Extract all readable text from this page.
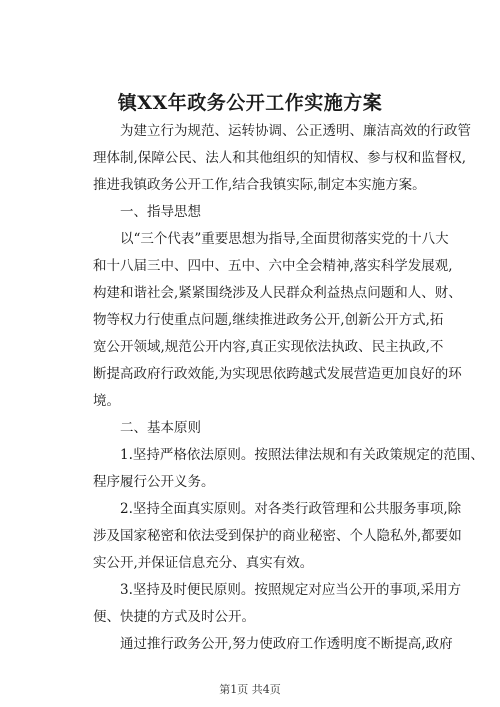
镇XX年政务公开工作实施方案
为建立行为规范、运转协调、公正透明、廉洁高效的行政管
理体制,保障公民、法人和其他组织的知情权、参与权和监督权,
推进我镇政务公开工作,结合我镇实际,制定本实施方案。
一、指导思想
以“三个代表”重要思想为指导,全面贯彻落实党的十八大
和十八届三中、四中、五中、六中全会精神,落实科学发展观,
构建和谐社会,紧紧围绕涉及人民群众利益热点问题和人、财、
物等权力行使重点问题,继续推进政务公开,创新公开方式,拓
宽公开领域,规范公开内容,真正实现依法执政、民主执政,不
断提高政府行政效能,为实现思依跨越式发展营造更加良好的环
境。
二、基本原则
1.坚持严格依法原则。按照法律法规和有关政策规定的范围、
程序履行公开义务。
2.坚持全面真实原则。对各类行政管理和公共服务事项,除
涉及国家秘密和依法受到保护的商业秘密、个人隐私外,都要如
实公开,并保证信息充分、真实有效。
3.坚持及时便民原则。按照规定对应当公开的事项,采用方
便、快捷的方式及时公开。
通过推行政务公开,努力使政府工作透明度不断提高,政府
第1页 共4页
